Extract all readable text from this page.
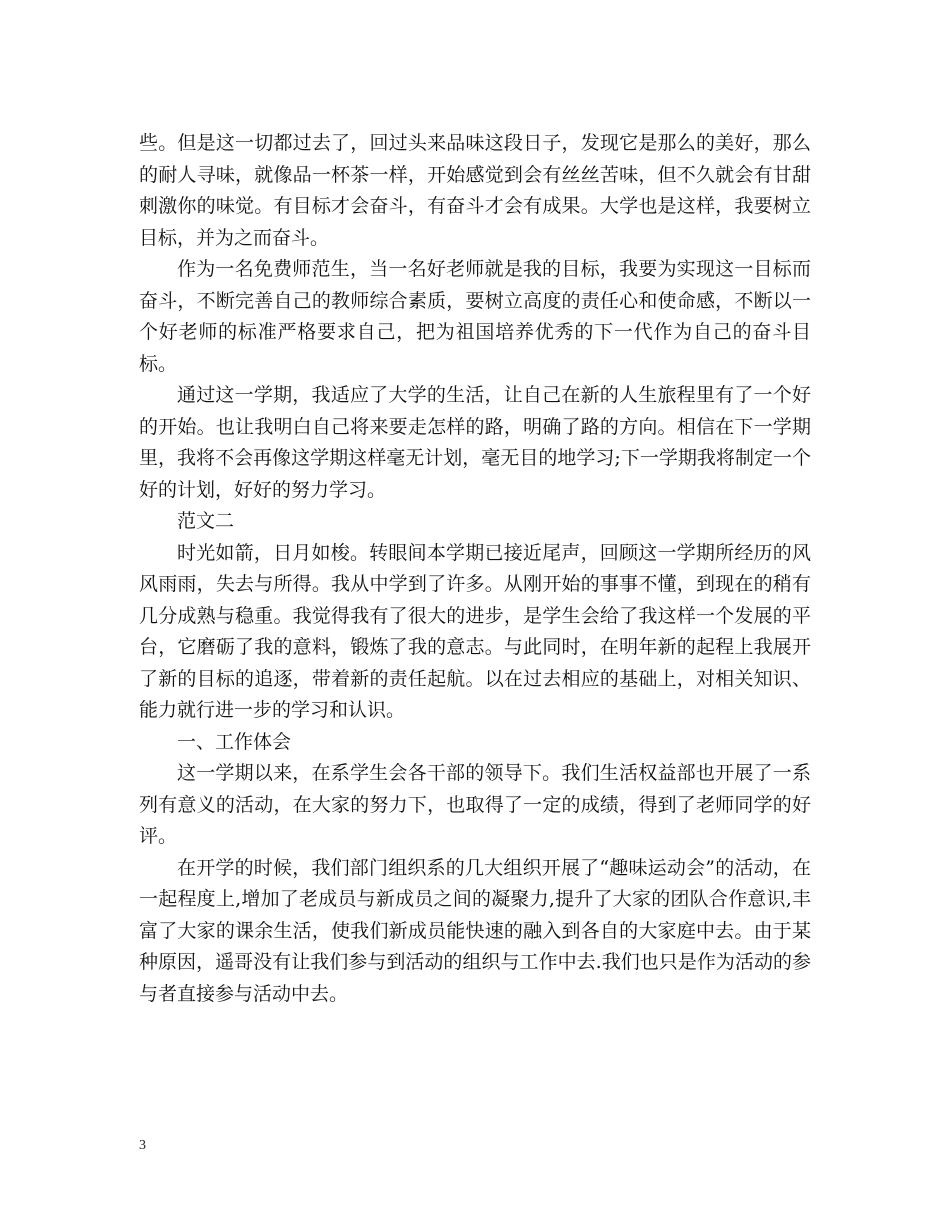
些。但是这一切都过去了，回过头来品味这段日子，发现它是那么的美好，那么的耐人寻味，就像品一杯茶一样，开始感觉到会有丝丝苦味，但不久就会有甘甜刺激你的味觉。有目标才会奋斗，有奋斗才会有成果。大学也是这样，我要树立目标，并为之而奋斗。

作为一名免费师范生，当一名好老师就是我的目标，我要为实现这一目标而奋斗，不断完善自己的教师综合素质，要树立高度的责任心和使命感，不断以一个好老师的标准严格要求自己，把为祖国培养优秀的下一代作为自己的奋斗目标。

通过这一学期，我适应了大学的生活，让自己在新的人生旅程里有了一个好的开始。也让我明白自己将来要走怎样的路，明确了路的方向。相信在下一学期里，我将不会再像这学期这样毫无计划，毫无目的地学习;下一学期我将制定一个好的计划，好好的努力学习。

范文二

时光如箭，日月如梭。转眼间本学期已接近尾声，回顾这一学期所经历的风风雨雨，失去与所得。我从中学到了许多。从刚开始的事事不懂，到现在的稍有几分成熟与稳重。我觉得我有了很大的进步，是学生会给了我这样一个发展的平台，它磨砺了我的意料，锻炼了我的意志。与此同时，在明年新的起程上我展开了新的目标的追逐，带着新的责任起航。以在过去相应的基础上，对相关知识、能力就行进一步的学习和认识。

一、工作体会

这一学期以来，在系学生会各干部的领导下。我们生活权益部也开展了一系列有意义的活动，在大家的努力下，也取得了一定的成绩，得到了老师同学的好评。

在开学的时候，我们部门组织系的几大组织开展了“趣味运动会”的活动，在一起程度上,增加了老成员与新成员之间的凝聚力,提升了大家的团队合作意识,丰富了大家的课余生活，使我们新成员能快速的融入到各自的大家庭中去。由于某种原因，遥哥没有让我们参与到活动的组织与工作中去.我们也只是作为活动的参与者直接参与活动中去。

3
